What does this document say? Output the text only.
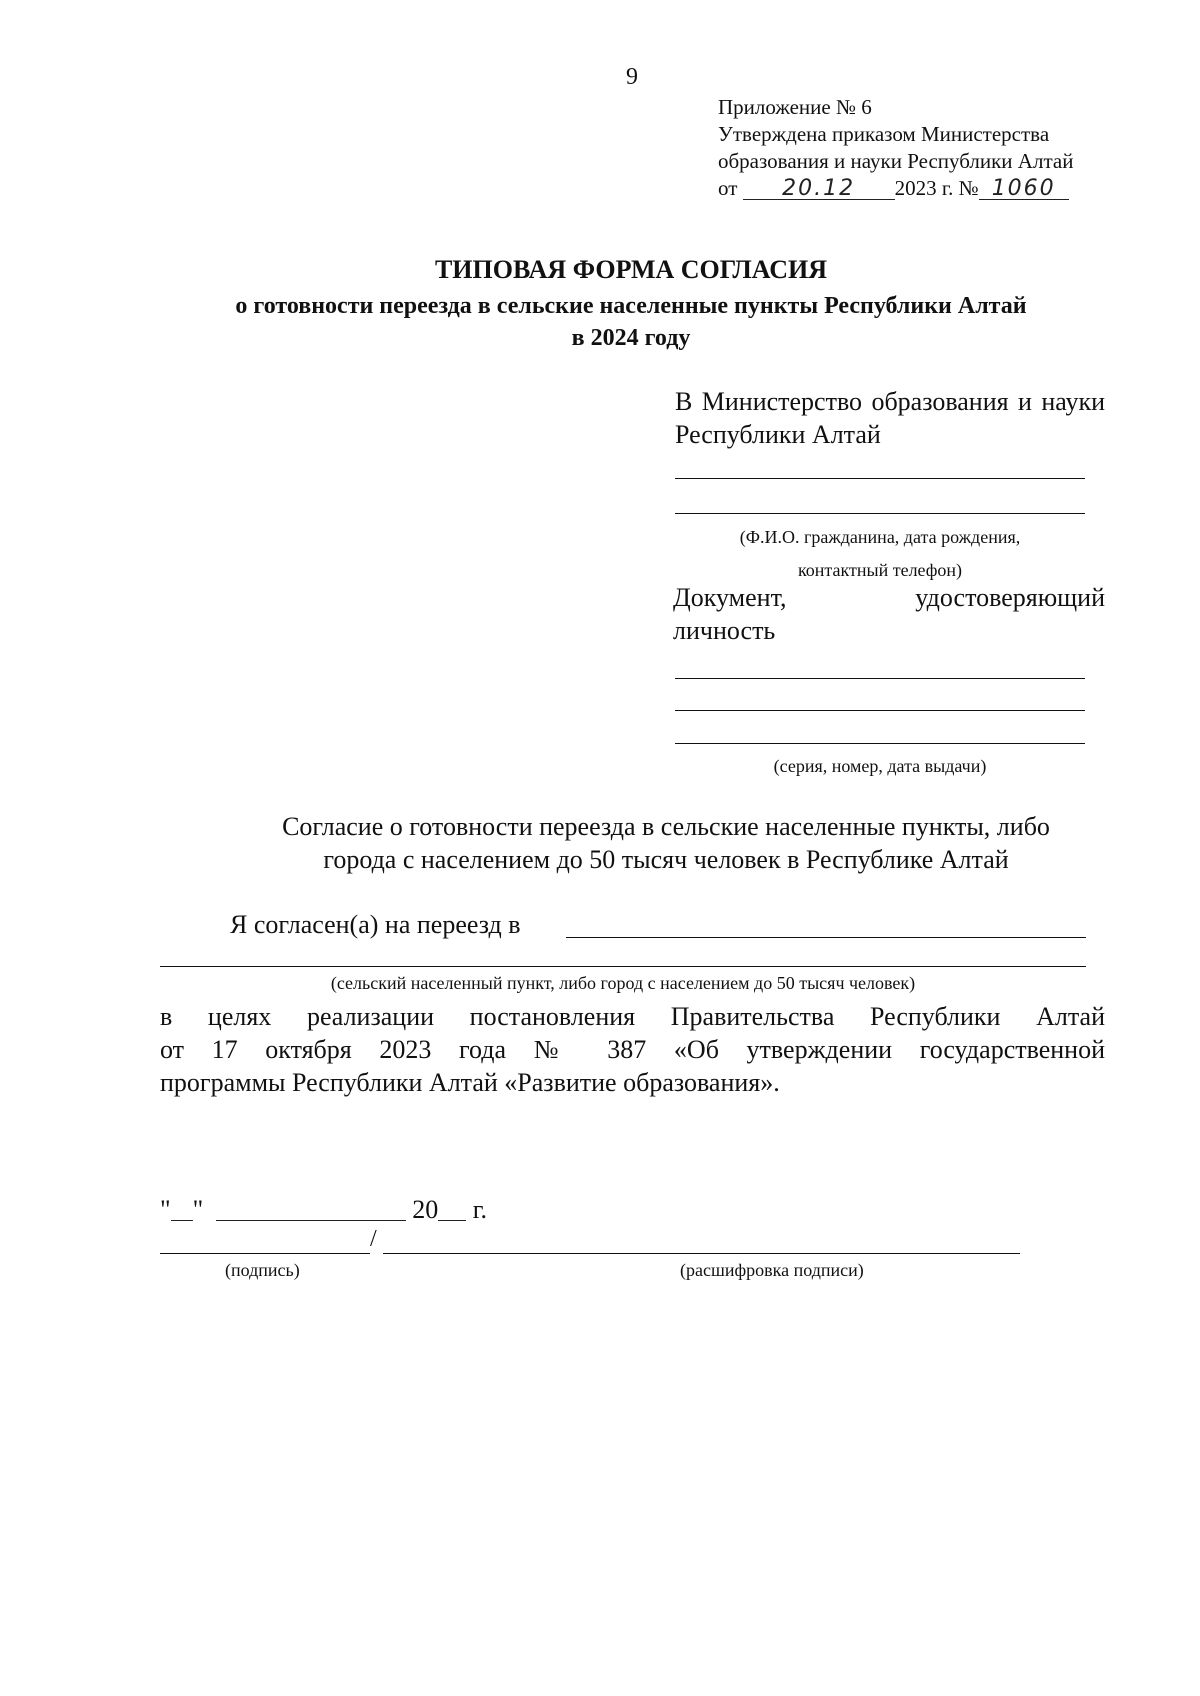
9
Приложение № 6
Утверждена приказом Министерства
образования и науки Республики Алтай
от 20.12 2023 г. № 1060
ТИПОВАЯ ФОРМА СОГЛАСИЯ
о готовности переезда в сельские населенные пункты Республики Алтай
в 2024 году
В Министерство образования и науки Республики Алтай
(Ф.И.О. гражданина, дата рождения,
контактный телефон)
Документ,	удостоверяющий
личность
(серия, номер, дата выдачи)
Согласие о готовности переезда в сельские населенные пункты, либо
города с населением до 50 тысяч человек в Республике Алтай
Я согласен(а) на переезд в
(сельский населенный пункт, либо город с населением до 50 тысяч человек)
в целях реализации постановления Правительства Республики Алтай
от 17 октября 2023 года № 387 «Об утверждении государственной
программы Республики Алтай «Развитие образования».
" "	20 г.
/
(подпись)	(расшифровка подписи)
